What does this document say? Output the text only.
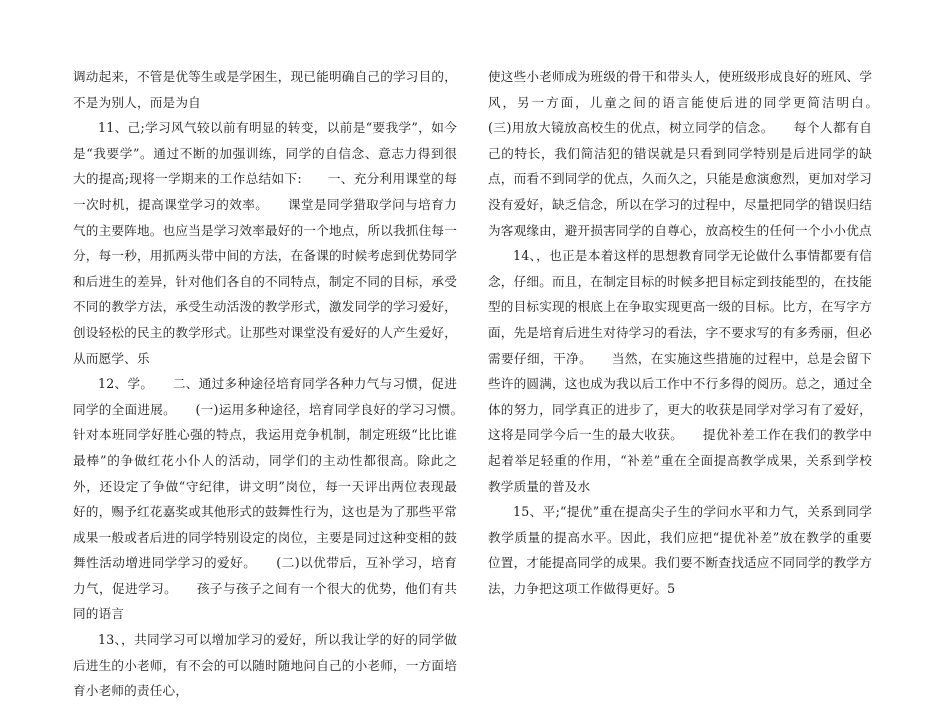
调动起来，不管是优等生或是学困生，现已能明确自己的学习目的，不是为别人，而是为自

11、己;学习风气较以前有明显的转变，以前是“要我学”，如今是“我要学”。通过不断的加强训练，同学的自信念、意志力得到很大的提高;现将一学期来的工作总结如下:　　一、充分利用课堂的每一次时机，提高课堂学习的效率。　　课堂是同学猎取学问与培育力气的主要阵地。也应当是学习效率最好的一个地点，所以我抓住每一分，每一秒，用抓两头带中间的方法，在备课的时候考虑到优势同学和后进生的差异，针对他们各自的不同特点，制定不同的目标，承受不同的教学方法，承受生动活泼的教学形式，激发同学的学习爱好，创设轻松的民主的教学形式。让那些对课堂没有爱好的人产生爱好，从而愿学、乐

12、学。　　二、通过多种途径培育同学各种力气与习惯，促进同学的全面进展。　　(一)运用多种途径，培育同学良好的学习习惯。　　针对本班同学好胜心强的特点，我运用竞争机制，制定班级“比比谁最棒”的争做红花小仆人的活动，同学们的主动性都很高。除此之外，还设定了争做“守纪律，讲文明”岗位，每一天评出两位表现最好的，赐予红花嘉奖或其他形式的鼓舞性行为，这也是为了那些平常成果一般或者后进的同学特别设定的岗位，主要是同过这种变相的鼓舞性活动增进同学学习的爱好。　　(二)以优带后，互补学习，培育力气，促进学习。　　孩子与孩子之间有一个很大的优势，他们有共同的语言

13、，共同学习可以增加学习的爱好，所以我让学的好的同学做后进生的小老师，有不会的可以随时随地问自己的小老师，一方面培育小老师的责任心，

使这些小老师成为班级的骨干和带头人，使班级形成良好的班风、学风，另一方面，儿童之间的语言能使后进的同学更简洁明白。　　(三)用放大镜放高校生的优点，树立同学的信念。　　每个人都有自己的特长，我们简洁犯的错误就是只看到同学特别是后进同学的缺点，而看不到同学的优点，久而久之，只能是愈演愈烈，更加对学习没有爱好，缺乏信念，所以在学习的过程中，尽量把同学的错误归结为客观缘由，避开损害同学的自尊心，放高校生的任何一个小小优点

14、，也正是本着这样的思想教育同学无论做什么事情都要有信念，仔细。而且，在制定目标的时候多把目标定到技能型的，在技能型的目标实现的根底上在争取实现更高一级的目标。比方，在写字方面，先是培育后进生对待学习的看法，字不要求写的有多秀丽，但必需要仔细，干净。　　当然，在实施这些措施的过程中，总是会留下些许的圆满，这也成为我以后工作中不行多得的阅历。总之，通过全体的努力，同学真正的进步了，更大的收获是同学对学习有了爱好，这将是同学今后一生的最大收获。　　提优补差工作在我们的教学中起着举足轻重的作用，“补差”重在全面提高教学成果，关系到学校教学质量的普及水

15、平;“提优”重在提高尖子生的学问水平和力气，关系到同学教学质量的提高水平。因此，我们应把“提优补差”放在教学的重要位置，才能提高同学的成果。我们要不断查找适应不同同学的教学方法，力争把这项工作做得更好。5
